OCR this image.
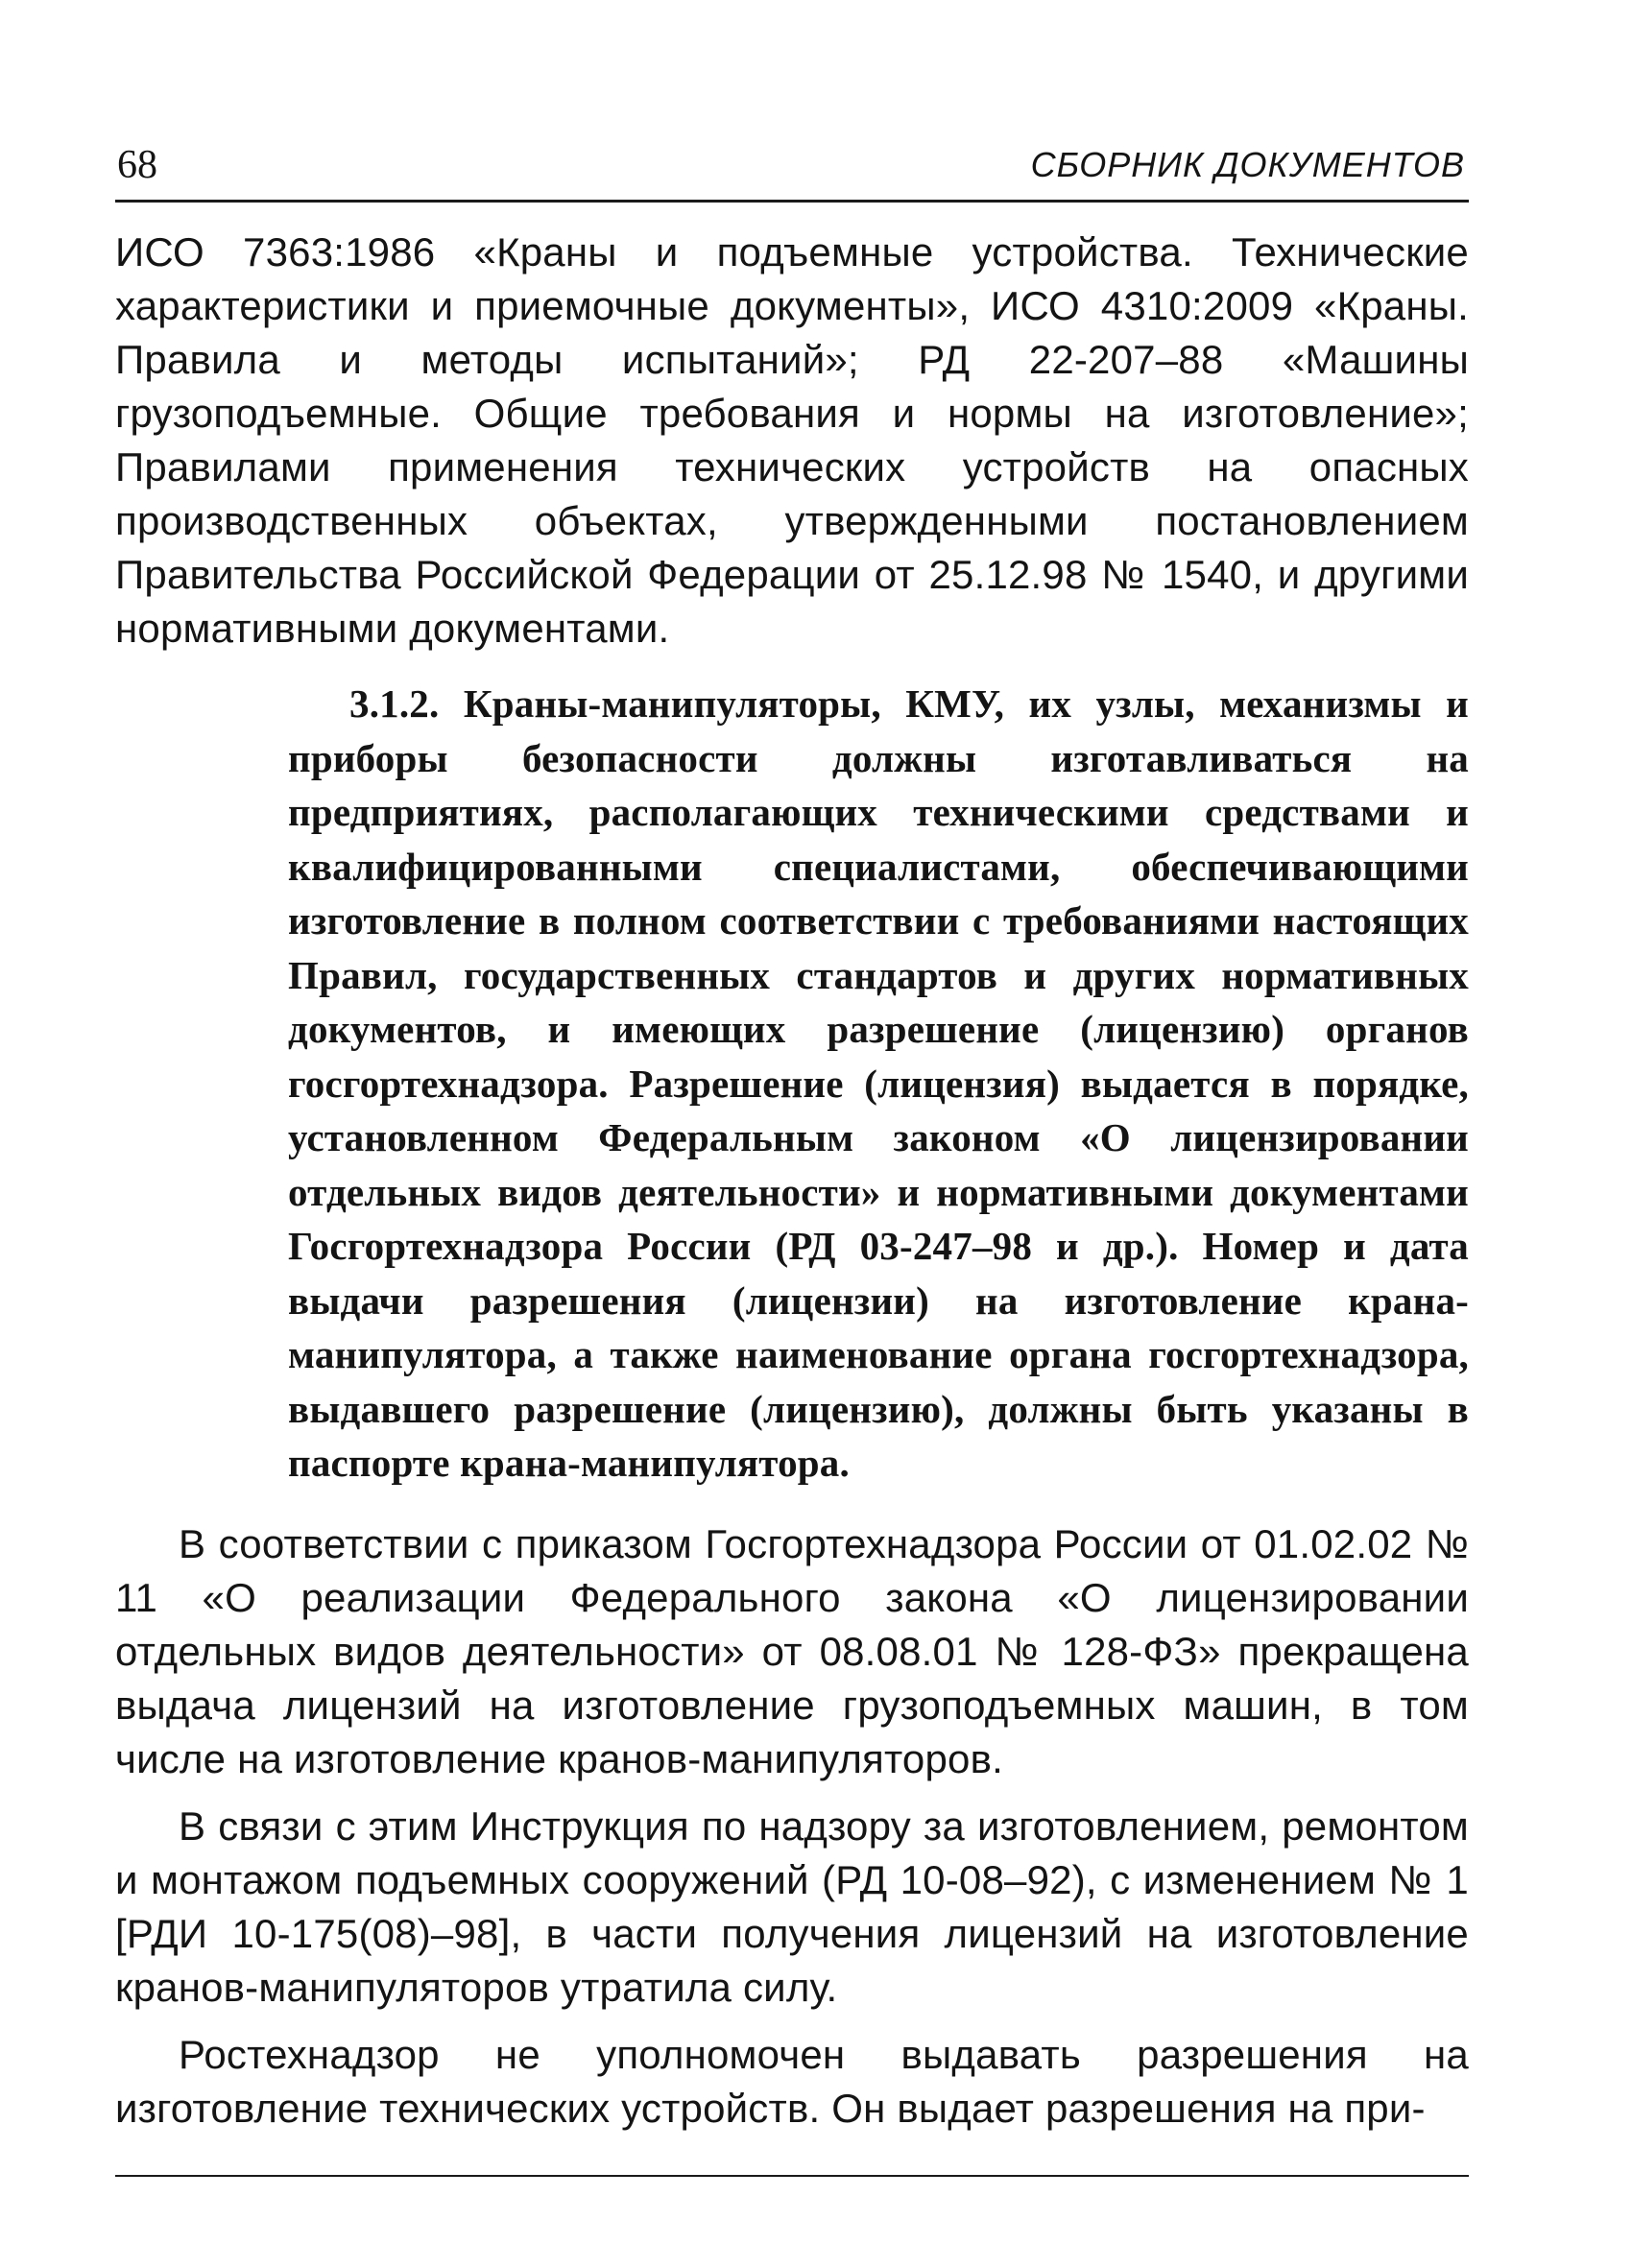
68	СБОРНИК ДОКУМЕНТОВ

ИСО 7363:1986 «Краны и подъемные устройства. Технические характеристики и приемочные документы», ИСО 4310:2009 «Краны. Правила и методы испытаний»; РД 22-207–88 «Машины грузоподъемные. Общие требования и нормы на изготовление»; Правилами применения технических устройств на опасных производственных объектах, утвержденными постановлением Правительства Российской Федерации от 25.12.98 № 1540, и другими нормативными документами.

3.1.2. Краны-манипуляторы, КМУ, их узлы, механизмы и приборы безопасности должны изготавливаться на предприятиях, располагающих техническими средствами и квалифицированными специалистами, обеспечивающими изготовление в полном соответствии с требованиями настоящих Правил, государственных стандартов и других нормативных документов, и имеющих разрешение (лицензию) органов госгортехнадзора. Разрешение (лицензия) выдается в порядке, установленном Федеральным законом «О лицензировании отдельных видов деятельности» и нормативными документами Госгортехнадзора России (РД 03-247–98 и др.). Номер и дата выдачи разрешения (лицензии) на изготовление крана-манипулятора, а также наименование органа госгортехнадзора, выдавшего разрешение (лицензию), должны быть указаны в паспорте крана-манипулятора.

В соответствии с приказом Госгортехнадзора России от 01.02.02 № 11 «О реализации Федерального закона «О лицензировании отдельных видов деятельности» от 08.08.01 № 128-ФЗ» прекращена выдача лицензий на изготовление грузоподъемных машин, в том числе на изготовление кранов-манипуляторов.

В связи с этим Инструкция по надзору за изготовлением, ремонтом и монтажом подъемных сооружений (РД 10-08–92), с изменением № 1 [РДИ 10-175(08)–98], в части получения лицензий на изготовление кранов-манипуляторов утратила силу.

Ростехнадзор не уполномочен выдавать разрешения на изготовление технических устройств. Он выдает разрешения на при-
